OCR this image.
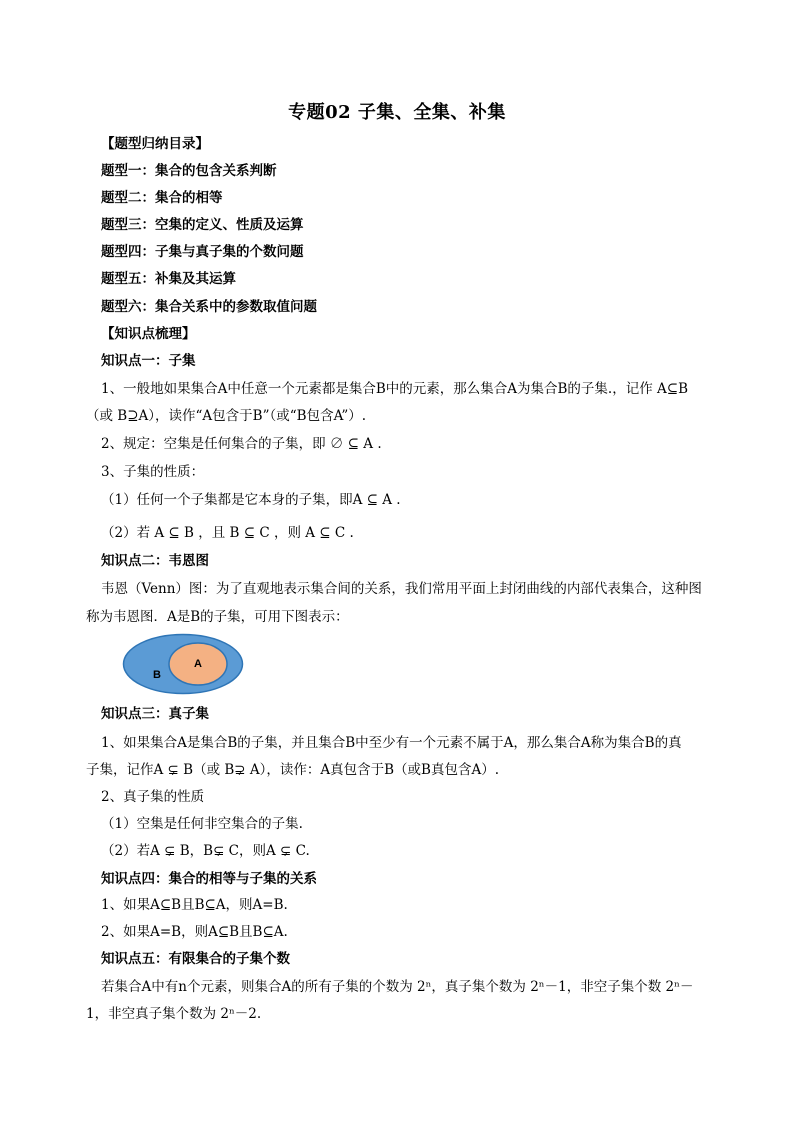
专题02 子集、全集、补集
【题型归纳目录】
题型一：集合的包含关系判断
题型二：集合的相等
题型三：空集的定义、性质及运算
题型四：子集与真子集的个数问题
题型五：补集及其运算
题型六：集合关系中的参数取值问题
【知识点梳理】
知识点一：子集
1、一般地如果集合A中任意一个元素都是集合B中的元素，那么集合A为集合B的子集.，记作 A⊆B
（或 B⊇A），读作“A包含于B”（或“B包含A”）.
2、规定：空集是任何集合的子集，即 ∅ ⊆ A .
3、子集的性质：
（1）任何一个子集都是它本身的子集，即A ⊆ A .
（2）若 A ⊆ B ，且 B ⊆ C ，则 A ⊆ C .
知识点二：韦恩图
韦恩（Venn）图：为了直观地表示集合间的关系，我们常用平面上封闭曲线的内部代表集合，这种图
称为韦恩图．A是B的子集，可用下图表示：
B
A
知识点三：真子集
1、如果集合A是集合B的子集，并且集合B中至少有一个元素不属于A，那么集合A称为集合B的真
子集，记作A ⊊ B（或 B⊋ A），读作：A真包含于B（或B真包含A）.
2、真子集的性质
（1）空集是任何非空集合的子集.
（2）若A ⊊ B，B⊊ C，则A ⊊ C.
知识点四：集合的相等与子集的关系
1、如果A⊆B且B⊆A，则A=B.
2、如果A=B，则A⊆B且B⊆A.
知识点五：有限集合的子集个数
若集合A中有n个元素，则集合A的所有子集的个数为 2ⁿ，真子集个数为 2ⁿ－1，非空子集个数 2ⁿ－
1，非空真子集个数为 2ⁿ－2.
